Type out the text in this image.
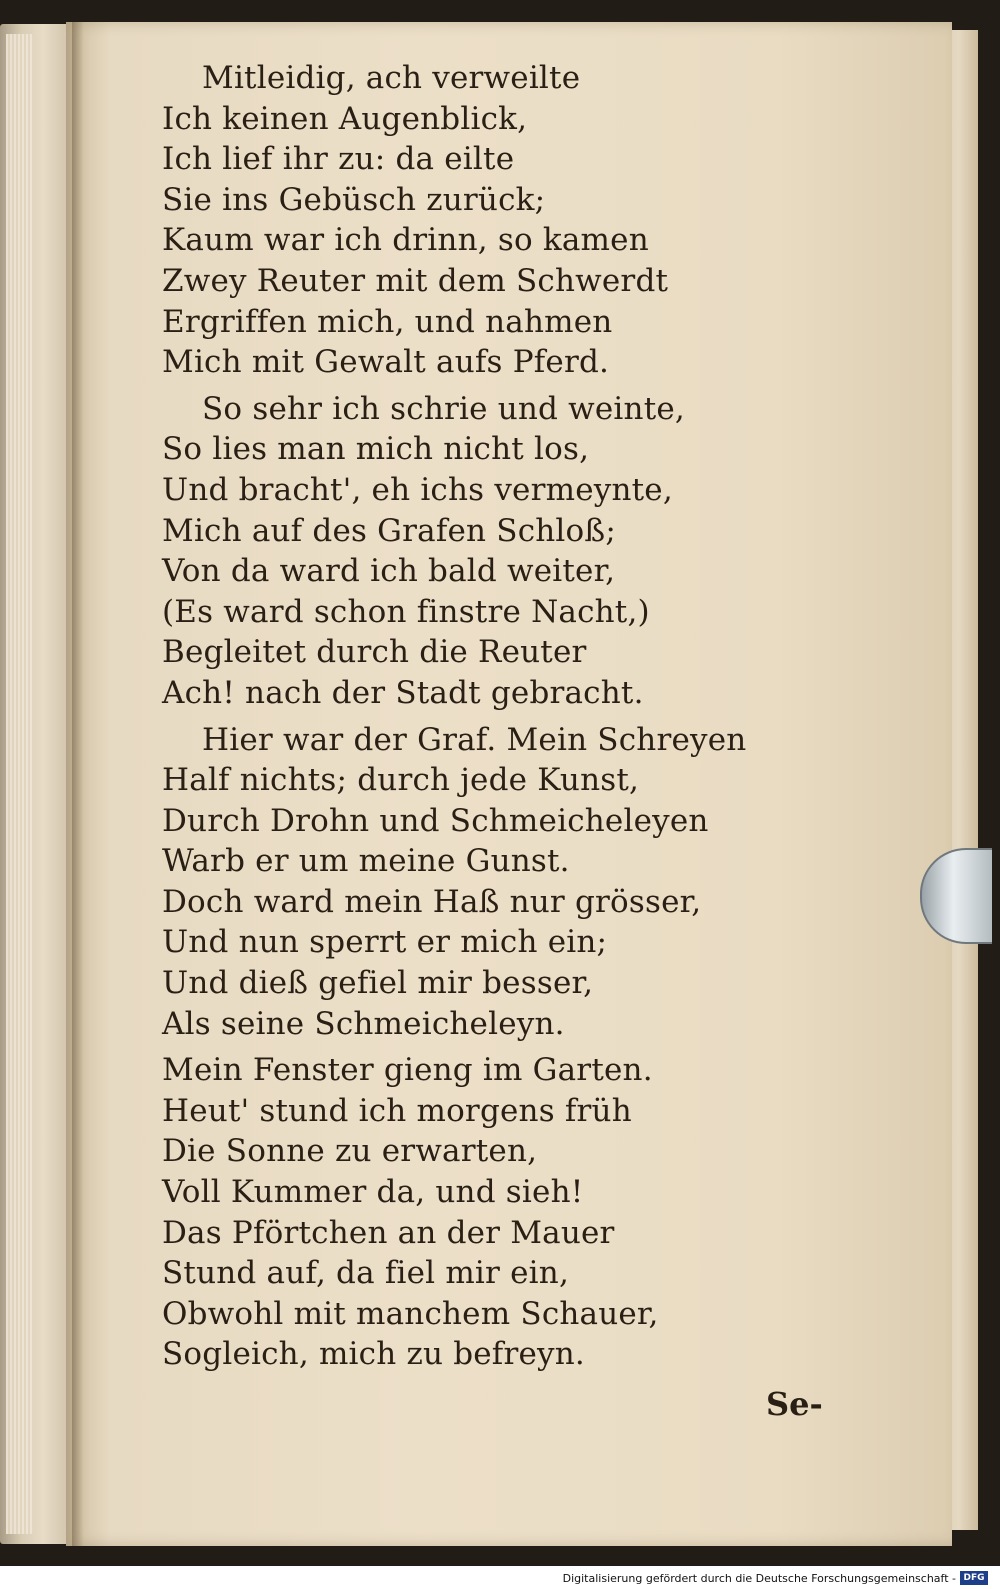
Mitleidig, ach verweilte
Ich keinen Augenblick,
Ich lief ihr zu: da eilte
Sie ins Gebüsch zurück;
Kaum war ich drinn, so kamen
Zwey Reuter mit dem Schwerdt
Ergriffen mich, und nahmen
Mich mit Gewalt aufs Pferd.
So sehr ich schrie und weinte,
So lies man mich nicht los,
Und bracht', eh ichs vermeynte,
Mich auf des Grafen Schloß;
Von da ward ich bald weiter,
(Es ward schon finstre Nacht,)
Begleitet durch die Reuter
Ach! nach der Stadt gebracht.
Hier war der Graf. Mein Schreyen
Half nichts; durch jede Kunst,
Durch Drohn und Schmeicheleyen
Warb er um meine Gunst.
Doch ward mein Haß nur grösser,
Und nun sperrt er mich ein;
Und dieß gefiel mir besser,
Als seine Schmeicheleyn.
Mein Fenster gieng im Garten.
Heut' stund ich morgens früh
Die Sonne zu erwarten,
Voll Kummer da, und sieh!
Das Pförtchen an der Mauer
Stund auf, da fiel mir ein,
Obwohl mit manchem Schauer,
Sogleich, mich zu befreyn.
Se-
Digitalisierung gefördert durch die Deutsche Forschungsgemeinschaft - DFG
